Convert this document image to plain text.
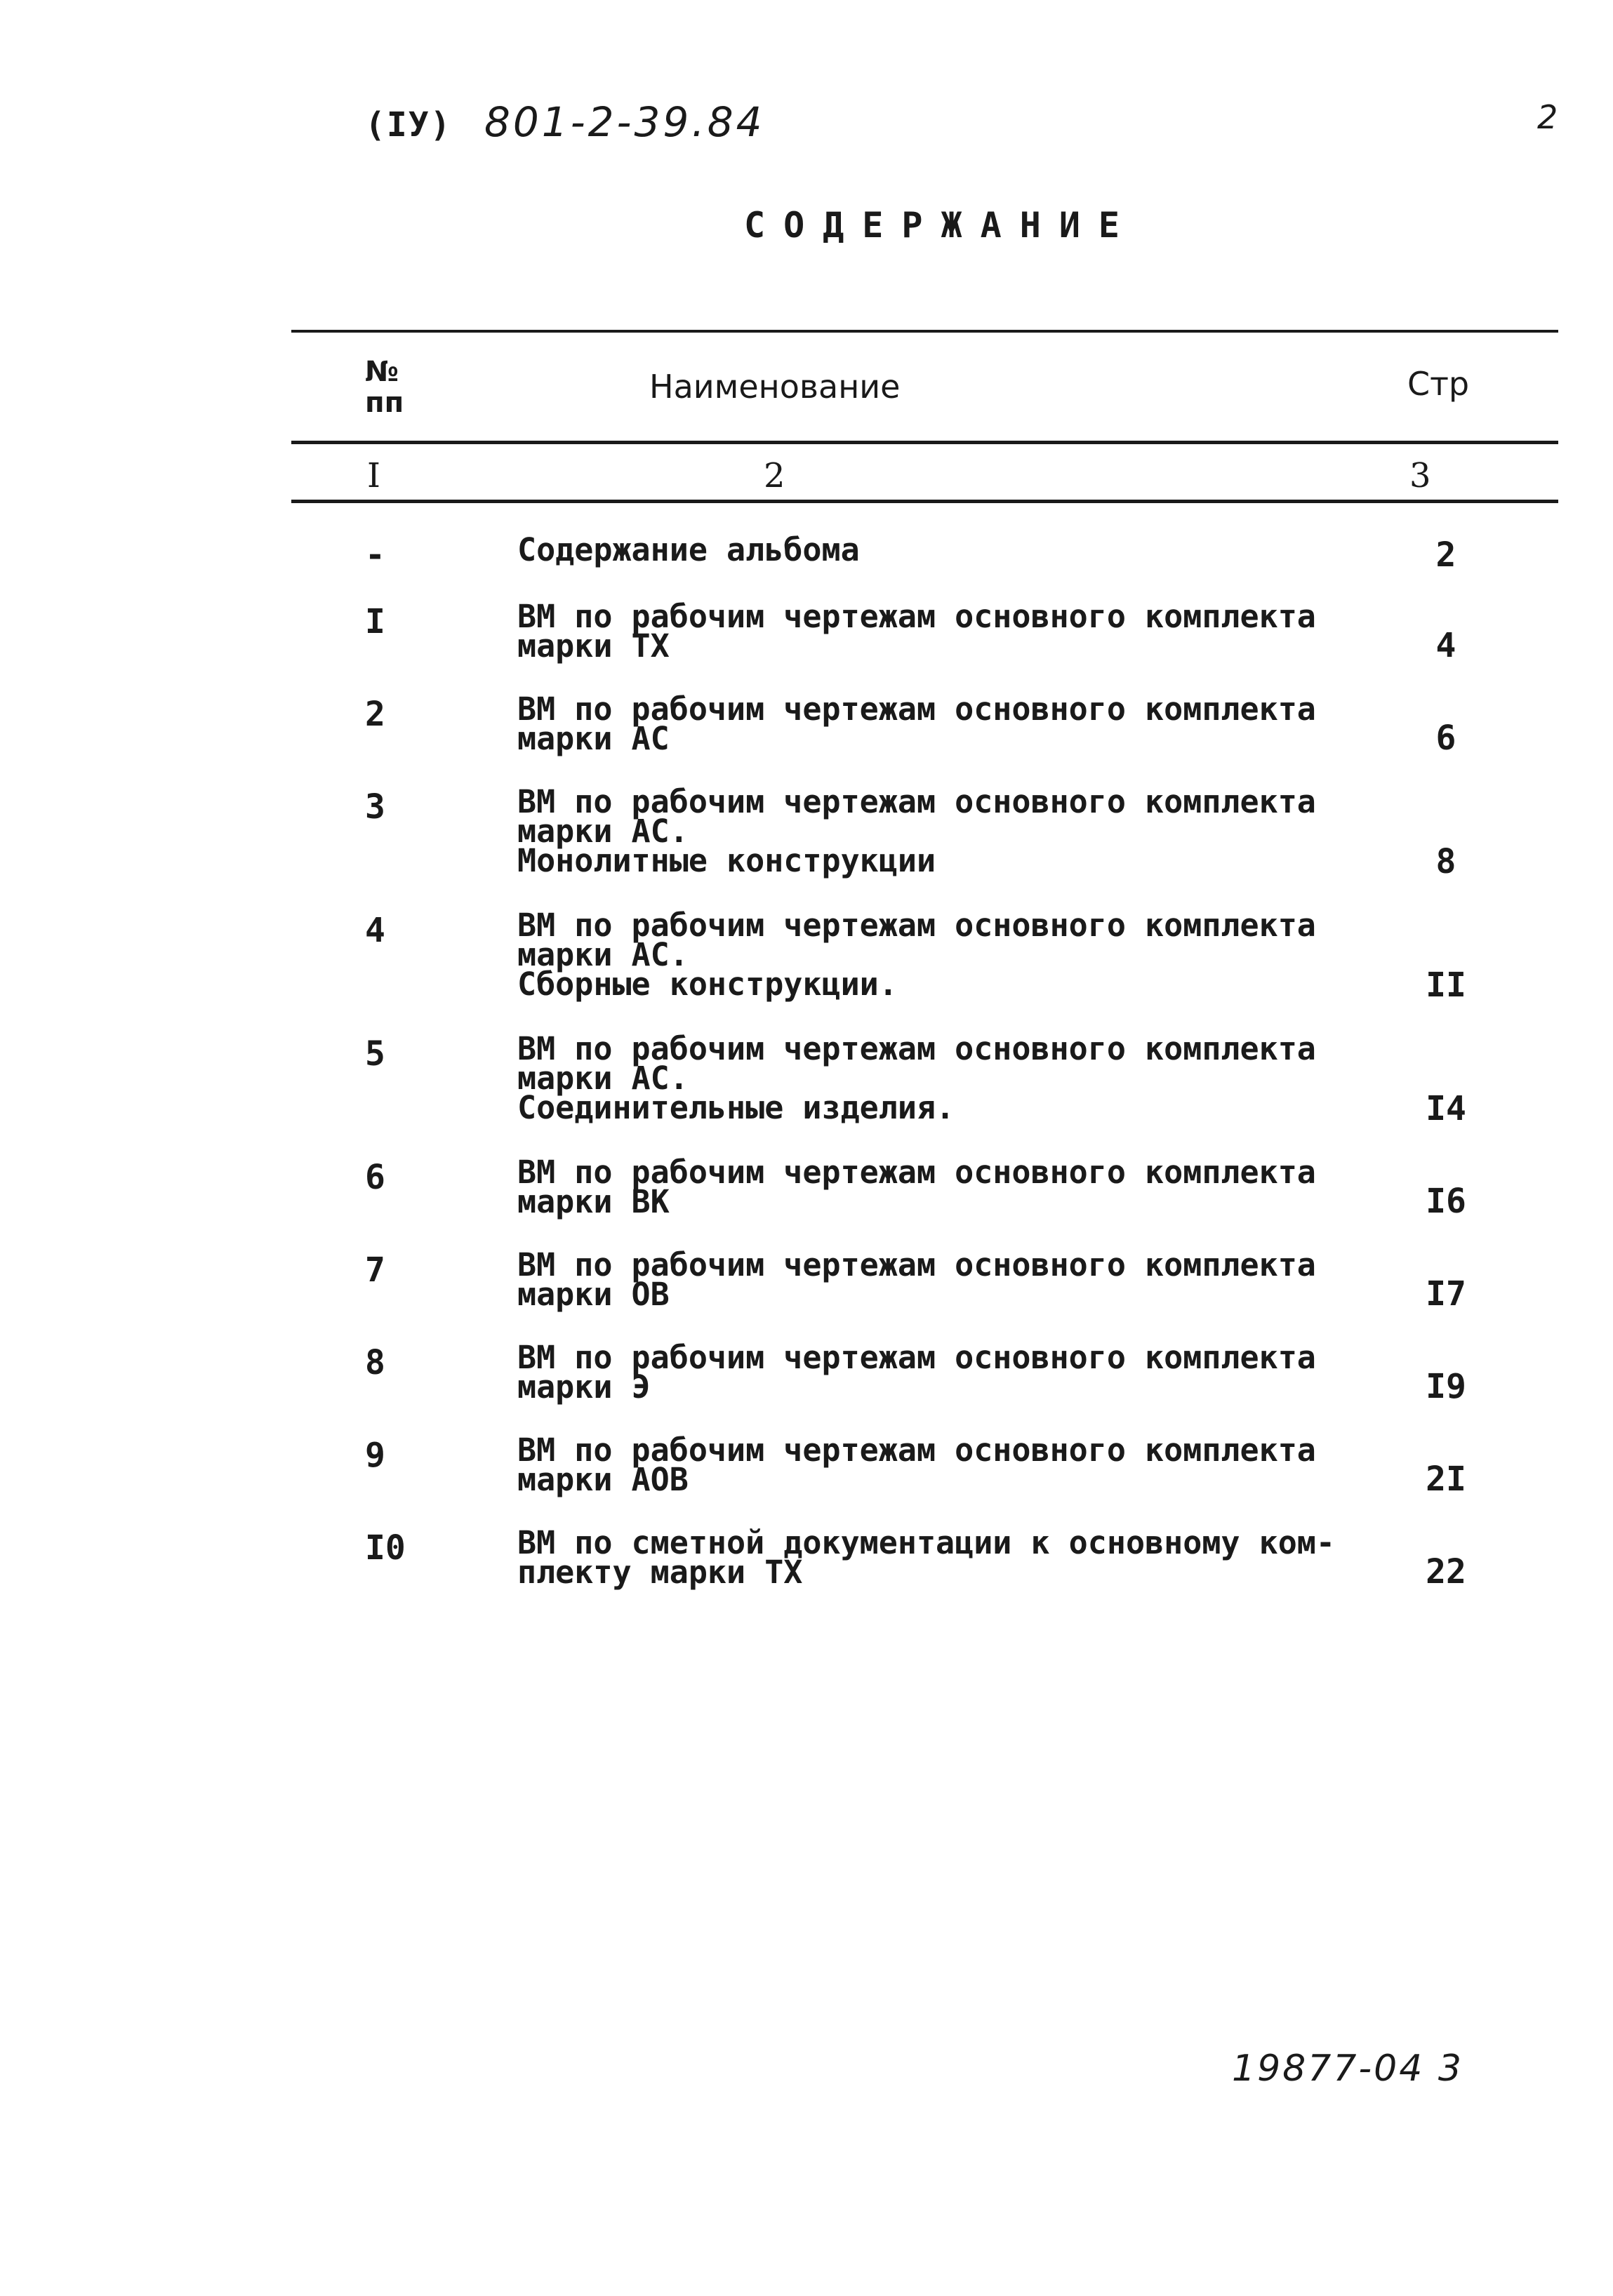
(IУ) 801-2-39.84	2
СОДЕРЖАНИЕ
№
пп	Наименование	Стр
I	2	3
-	Содержание альбома	2
I	ВМ по рабочим чертежам основного комплекта
марки ТХ	4
2	ВМ по рабочим чертежам основного комплекта
марки АС	6
3	ВМ по рабочим чертежам основного комплекта
марки АС.
Монолитные конструкции	8
4	ВМ по рабочим чертежам основного комплекта
марки АС.
Сборные конструкции.	II
5	ВМ по рабочим чертежам основного комплекта
марки АС.
Соединительные изделия.	I4
6	ВМ по рабочим чертежам основного комплекта
марки ВК	I6
7	ВМ по рабочим чертежам основного комплекта
марки ОВ	I7
8	ВМ по рабочим чертежам основного комплекта
марки Э	I9
9	ВМ по рабочим чертежам основного комплекта
марки АОВ	2I
I0	ВМ по сметной документации к основному ком-
плекту марки ТХ	22
19877-04 3
